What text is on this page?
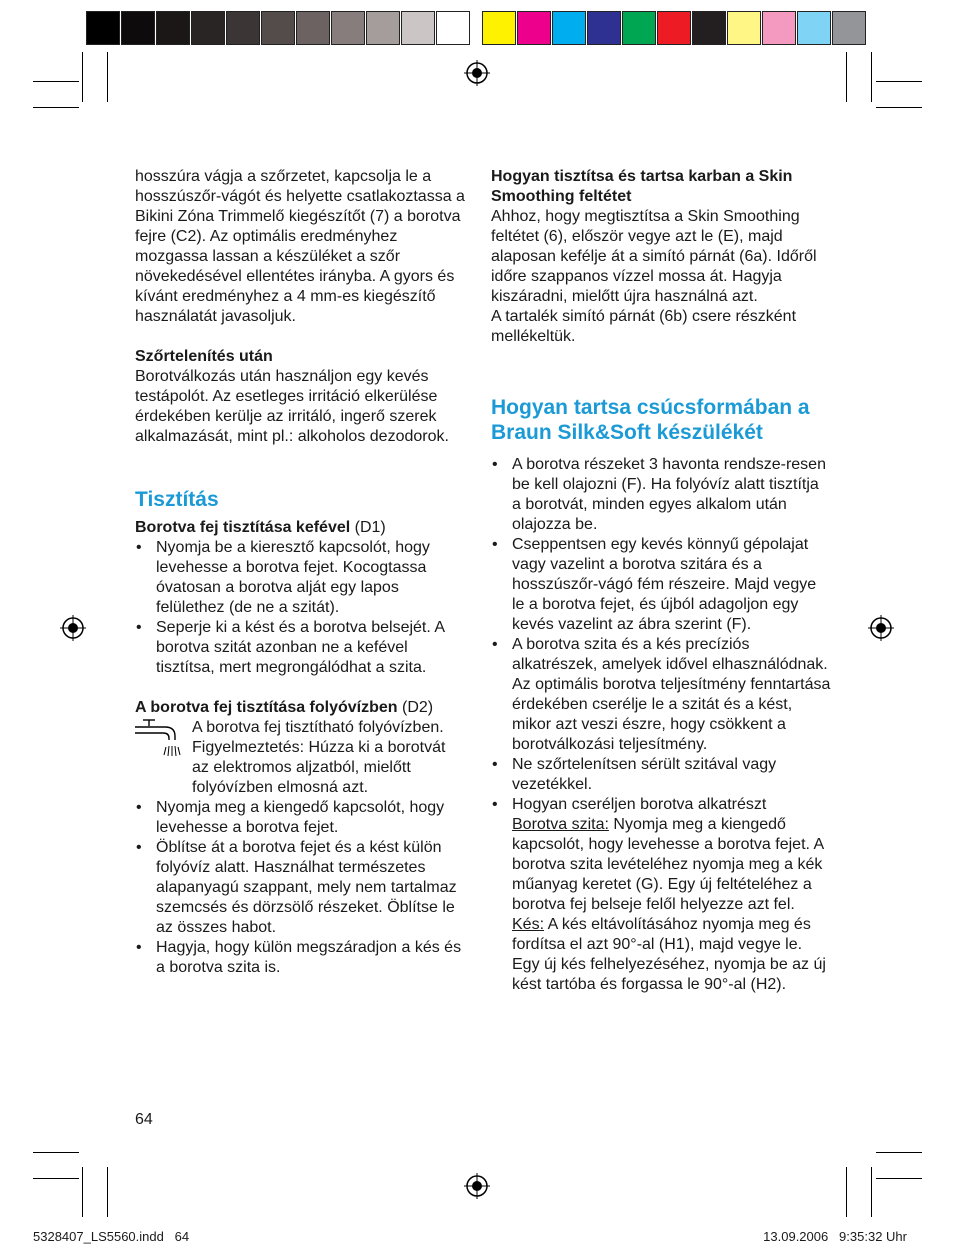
hosszúra vágja a szőrzetet, kapcsolja le a hosszúszőr-vágót és helyette csatlakoztassa a Bikini Zóna Trimmelő kiegészítőt (7) a borotva fejre (C2). Az optimális eredményhez mozgassa lassan a készüléket a szőr növekedésével ellentétes irányba. A gyors és kívánt eredményhez a 4 mm-es kiegészítő használatát javasoljuk.

Szőrtelenítés után

Borotválkozás után használjon egy kevés testápolót. Az esetleges irritáció elkerülése érdekében kerülje az irritáló, ingerő szerek alkalmazását, mint pl.: alkoholos dezodorok.

Tisztítás

Borotva fej tisztítása kefével (D1)

• Nyomja be a kieresztő kapcsolót, hogy levehesse a borotva fejet. Kocogtassa óvatosan a borotva alját egy lapos felülethez (de ne a szitát).
• Seperje ki a kést és a borotva belsejét. A borotva szitát azonban ne a kefével tisztítsa, mert megrongálódhat a szita.

A borotva fej tisztítása folyóvízben (D2)

A borotva fej tisztítható folyóvízben.

Figyelmeztetés: Húzza ki a borotvát az elektromos aljzatból, mielőtt folyóvízben elmosná azt.

• Nyomja meg a kiengedő kapcsolót, hogy levehesse a borotva fejet.
• Öblítse át a borotva fejet és a kést külön folyóvíz alatt. Használhat természetes alapanyagú szappant, mely nem tartalmaz szemcsés és dörzsölő részeket. Öblítse le az összes habot.
• Hagyja, hogy külön megszáradjon a kés és a borotva szita is.
64

Hogyan tisztítsa és tartsa karban a Skin Smoothing feltétet

Ahhoz, hogy megtisztítsa a Skin Smoothing feltétet (6), először vegye azt le (E), majd alaposan kefélje át a simító párnát (6a). Időről időre szappanos vízzel mossa át. Hagyja kiszáradni, mielőtt újra használná azt.

A tartalék simító párnát (6b) csere részként mellékeltük.

Hogyan tartsa csúcsformában a Braun Silk&Soft készülékét
• A borotva részeket 3 havonta rendsze-resen be kell olajozni (F). Ha folyóvíz alatt tisztítja a borotvát, minden egyes alkalom után olajozza be.
• Cseppentsen egy kevés könnyű gépolajat vagy vazelint a borotva szitára és a hosszúszőr-vágó fém részeire. Majd vegye le a borotva fejet, és újból adagoljon egy kevés vazelint az ábra szerint (F).
• A borotva szita és a kés precíziós alkatrészek, amelyek idővel elhasználódnak. Az optimális borotva teljesítmény fenntartása érdekében cserélje le a szitát és a kést, mikor azt veszi észre, hogy csökkent a borotválkozási teljesítmény.
• Ne szőrtelenítsen sérült szitával vagy vezetékkel.
• Hogyan cseréljen borotva alkatrészt
Borotva szita: Nyomja meg a kiengedő kapcsolót, hogy levehesse a borotva fejet. A borotva szita levételéhez nyomja meg a kék műanyag keretet (G). Egy új feltételéhez a borotva fej belseje felől helyezze azt fel.
Kés: A kés eltávolításához nyomja meg és fordítsa el azt 90°-al (H1), majd vegye le. Egy új kés felhelyezéséhez, nyomja be az új kést tartóba és forgassa le 90°-al (H2).
5328407_LS5560.indd   64	13.09.2006   9:35:32 Uhr
